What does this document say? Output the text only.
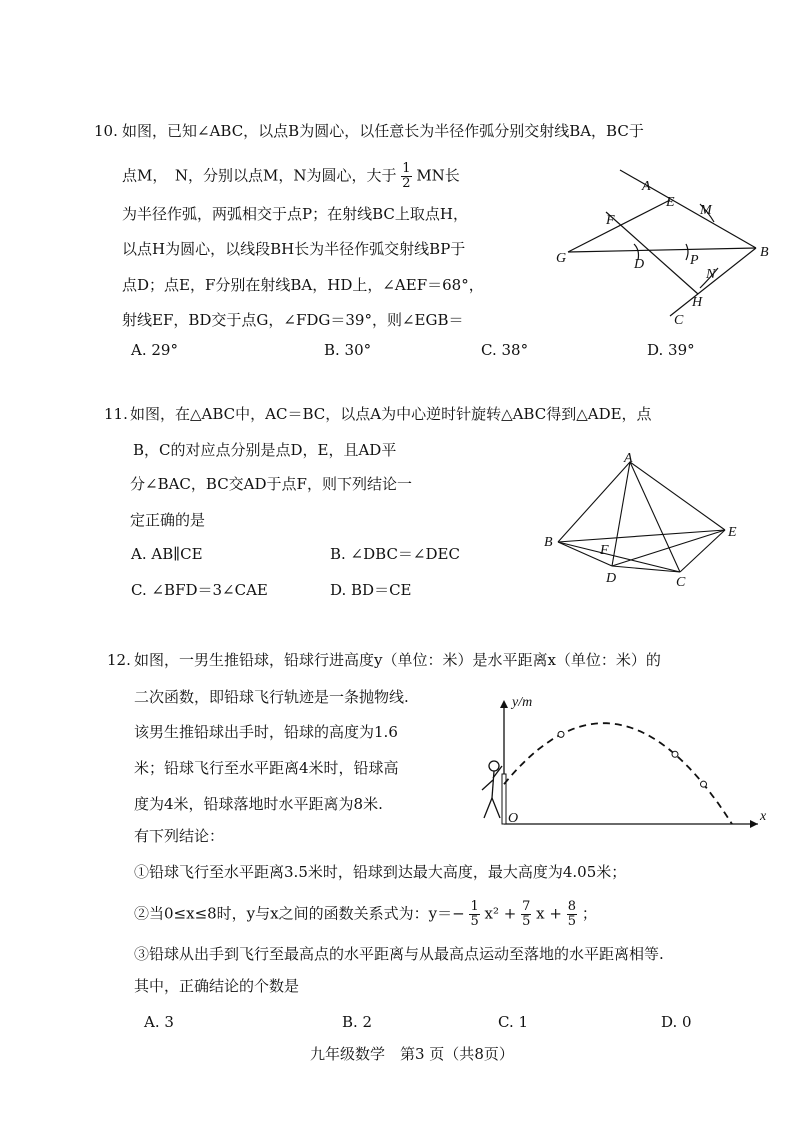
10. 如图，已知∠ABC，以点B为圆心，以任意长为半径作弧分别交射线BA，BC于
点M，　N，分别以点M，N为圆心，大于 $\frac{1}{2}$ MN长
为半径作弧，两弧相交于点P；在射线BC上取点H，
以点H为圆心，以线段BH长为半径作弧交射线BP于
点D；点E，F分别在射线BA，HD上，∠AEF＝68°，
射线EF，BD交于点G，∠FDG＝39°，则∠EGB＝
A. 29°	B. 30°	C. 38°	D. 39°
A
E
M
F
G	D	P
B
N
H
C
11. 如图，在△ABC中，AC＝BC，以点A为中心逆时针旋转△ABC得到△ADE，点
B，C的对应点分别是点D，E，且AD平
分∠BAC，BC交AD于点F，则下列结论一
定正确的是
A. AB∥CE	B. ∠DBC＝∠DEC
C. ∠BFD＝3∠CAE	D. BD＝CE
A
B
E
F
D	C
12. 如图，一男生推铅球，铅球行进高度y（单位：米）是水平距离x（单位：米）的
二次函数，即铅球飞行轨迹是一条抛物线.
该男生推铅球出手时，铅球的高度为1.6
米；铅球飞行至水平距离4米时，铅球高
度为4米，铅球落地时水平距离为8米.
有下列结论：
①铅球飞行至水平距离3.5米时，铅球到达最大高度，最大高度为4.05米；
②当0≤x≤8时，y与x之间的函数关系式为：$y=- \frac{1}{5} x^2 + \frac{7}{5}$ $x + \frac{8}{5}$ ；
③铅球从出手到飞行至最高点的水平距离与从最高点运动至落地的水平距离相等.
其中，正确结论的个数是
A. 3	B. 2	C. 1	D. 0
y/m
x
O
九年级数学　第3 页（共8页）
